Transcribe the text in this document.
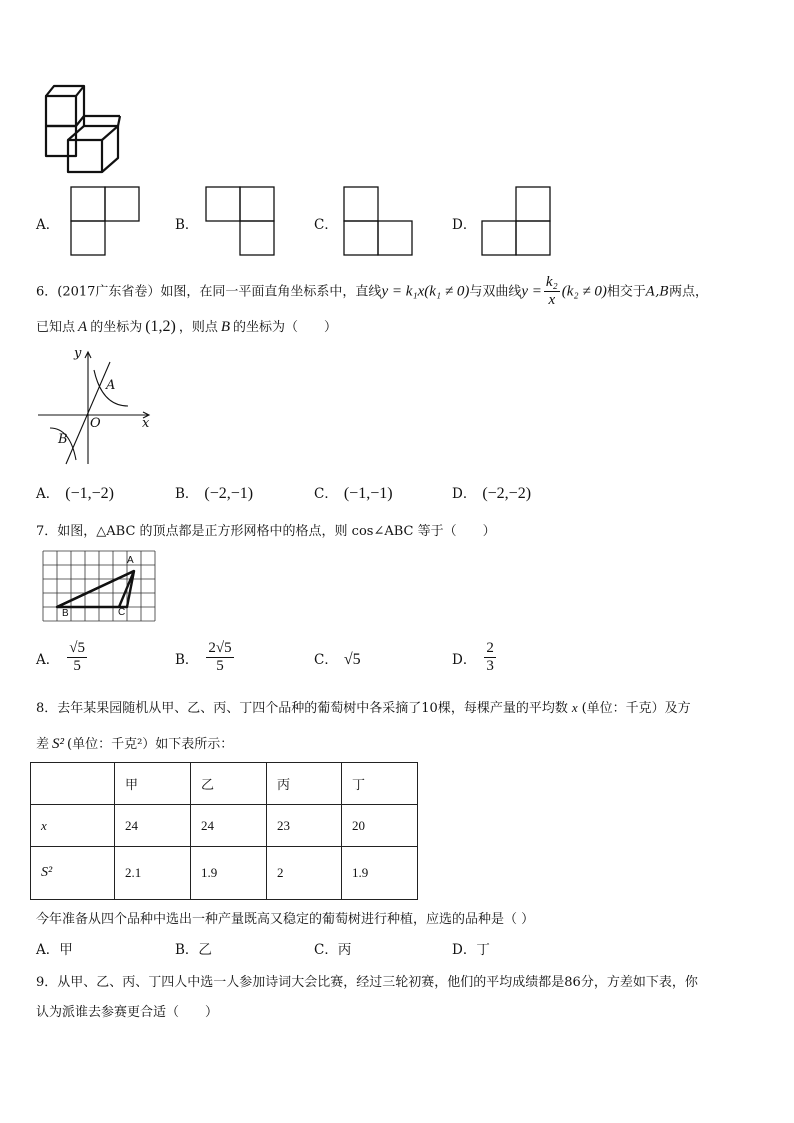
A．	B．	C．	D．
6．(2017广东省卷）如图，在同一平面直角坐标系中，直线y = k₁x(k₁ ≠ 0)与双曲线$y = \frac{\text{k₂}}{x} (k_2 \ne 0)$相交于A,B两点，
已知点 A 的坐标为 (1,2) ，则点 B 的坐标为（　　）
y
x
O
A
B
A． (−1,−2)	B． (−2,−1)	C． (−1,−1)	D． (−2,−2)
7．如图，△ABC 的顶点都是正方形网格中的格点，则 cos∠ABC 等于（　　）
A
B	C
A． $\frac{√5}{5}$	B． $\frac{2√5}{5}$	C． √5	D． $\frac{2}{3}$
8．去年某果园随机从甲、乙、丙、丁四个品种的葡萄树中各采摘了10棵，每棵产量的平均数 x (单位：千克）及方
差 S² (单位：千克²）如下表所示：
	甲	乙	丙	丁
x	24	24	23	20
S²	2.1	1.9	2	1.9
今年准备从四个品种中选出一种产量既高又稳定的葡萄树进行种植，应选的品种是（ ）
A．甲	B．乙	C．丙	D．丁
9．从甲、乙、丙、丁四人中选一人参加诗词大会比赛，经过三轮初赛，他们的平均成绩都是86分，方差如下表，你
认为派谁去参赛更合适（　　）
